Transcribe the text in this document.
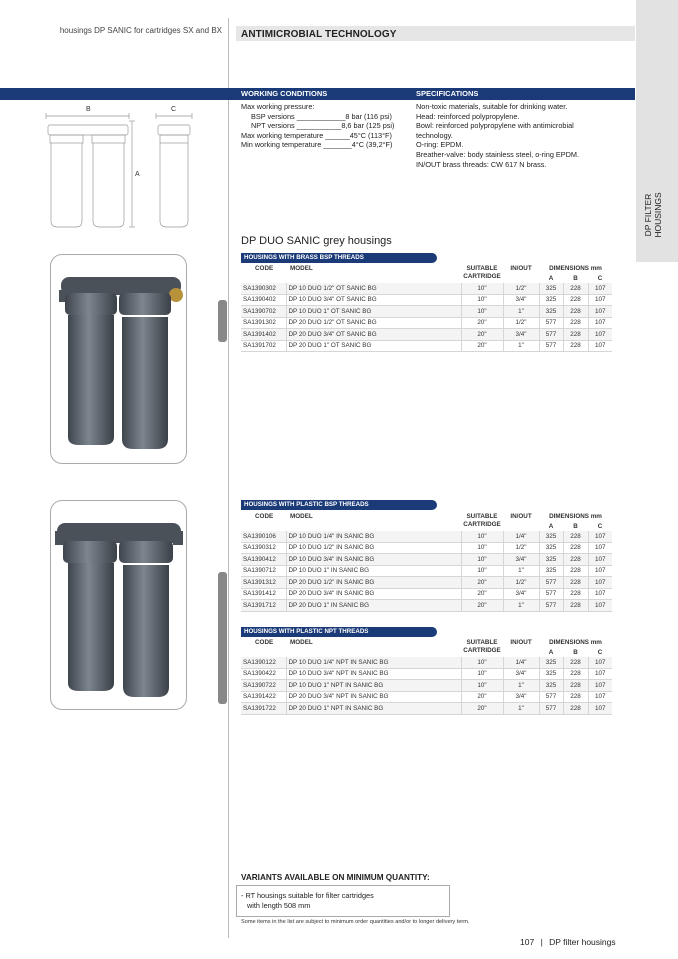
housings DP SANIC for cartridges SX and BX ANTIMICROBIAL TECHNOLOGY
DP FILTER HOUSINGS
WORKING CONDITIONS	SPECIFICATIONS
Max working pressure:
BSP versions ____________8 bar (116 psi)
NPT versions ___________8,6 bar (125 psi)
Max working temperature ______45°C (113°F)
Min working temperature _______4°C (39,2°F)
Non-toxic materials, suitable for drinking water.
Head: reinforced polypropylene.
Bowl: reinforced polypropylene with antimicrobial
technology.
O-ring: EPDM.
Breather-valve: body stainless steel, o-ring EPDM.
IN/OUT brass threads: CW 617 N brass.
B	C
A
DP DUO SANIC grey housings
HOUSINGS WITH BRASS BSP THREADS
CODE	MODEL	SUITABLE	IN/OUT	DIMENSIONS mm		
		CARTRIDGE		A	B	C
SA1390302	DP 10 DUO 1/2" OT SANIC BG	10"	1/2"	325	228	107
SA1390402	DP 10 DUO 3/4" OT SANIC BG	10"	3/4"	325	228	107
SA1390702	DP 10 DUO 1" OT SANIC BG	10"	1"	325	228	107
SA1391302	DP 20 DUO 1/2" OT SANIC BG	20"	1/2"	577	228	107
SA1391402	DP 20 DUO 3/4" OT SANIC BG	20"	3/4"	577	228	107
SA1391702	DP 20 DUO 1" OT SANIC BG	20"	1"	577	228	107
HOUSINGS WITH PLASTIC BSP THREADS
CODE	MODEL	SUITABLE	IN/OUT	DIMENSIONS mm		
		CARTRIDGE		A	B	C
SA1390106	DP 10 DUO 1/4" IN SANIC BG	10"	1/4"	325	228	107
SA1390312	DP 10 DUO 1/2" IN SANIC BG	10"	1/2"	325	228	107
SA1390412	DP 10 DUO 3/4" IN SANIC BG	10"	3/4"	325	228	107
SA1390712	DP 10 DUO 1" IN SANIC BG	10"	1"	325	228	107
SA1391312	DP 20 DUO 1/2" IN SANIC BG	20"	1/2"	577	228	107
SA1391412	DP 20 DUO 3/4" IN SANIC BG	20"	3/4"	577	228	107
SA1391712	DP 20 DUO 1" IN SANIC BG	20"	1"	577	228	107
HOUSINGS WITH PLASTIC NPT THREADS
CODE	MODEL	SUITABLE	IN/OUT	DIMENSIONS mm		
		CARTRIDGE		A	B	C
SA1390122	DP 10 DUO 1/4" NPT IN SANIC BG	10"	1/4"	325	228	107
SA1390422	DP 10 DUO 3/4" NPT IN SANIC BG	10"	3/4"	325	228	107
SA1390722	DP 10 DUO 1" NPT IN SANIC BG	10"	1"	325	228	107
SA1391422	DP 20 DUO 3/4" NPT IN SANIC BG	20"	3/4"	577	228	107
SA1391722	DP 20 DUO 1" NPT IN SANIC BG	20"	1"	577	228	107
VARIANTS AVAILABLE ON MINIMUM QUANTITY:
- RT housings suitable for filter cartridges
with length 508 mm
Some items in the list are subject to minimum order quantities and/or to longer delivery term.
107 | DP filter housings
